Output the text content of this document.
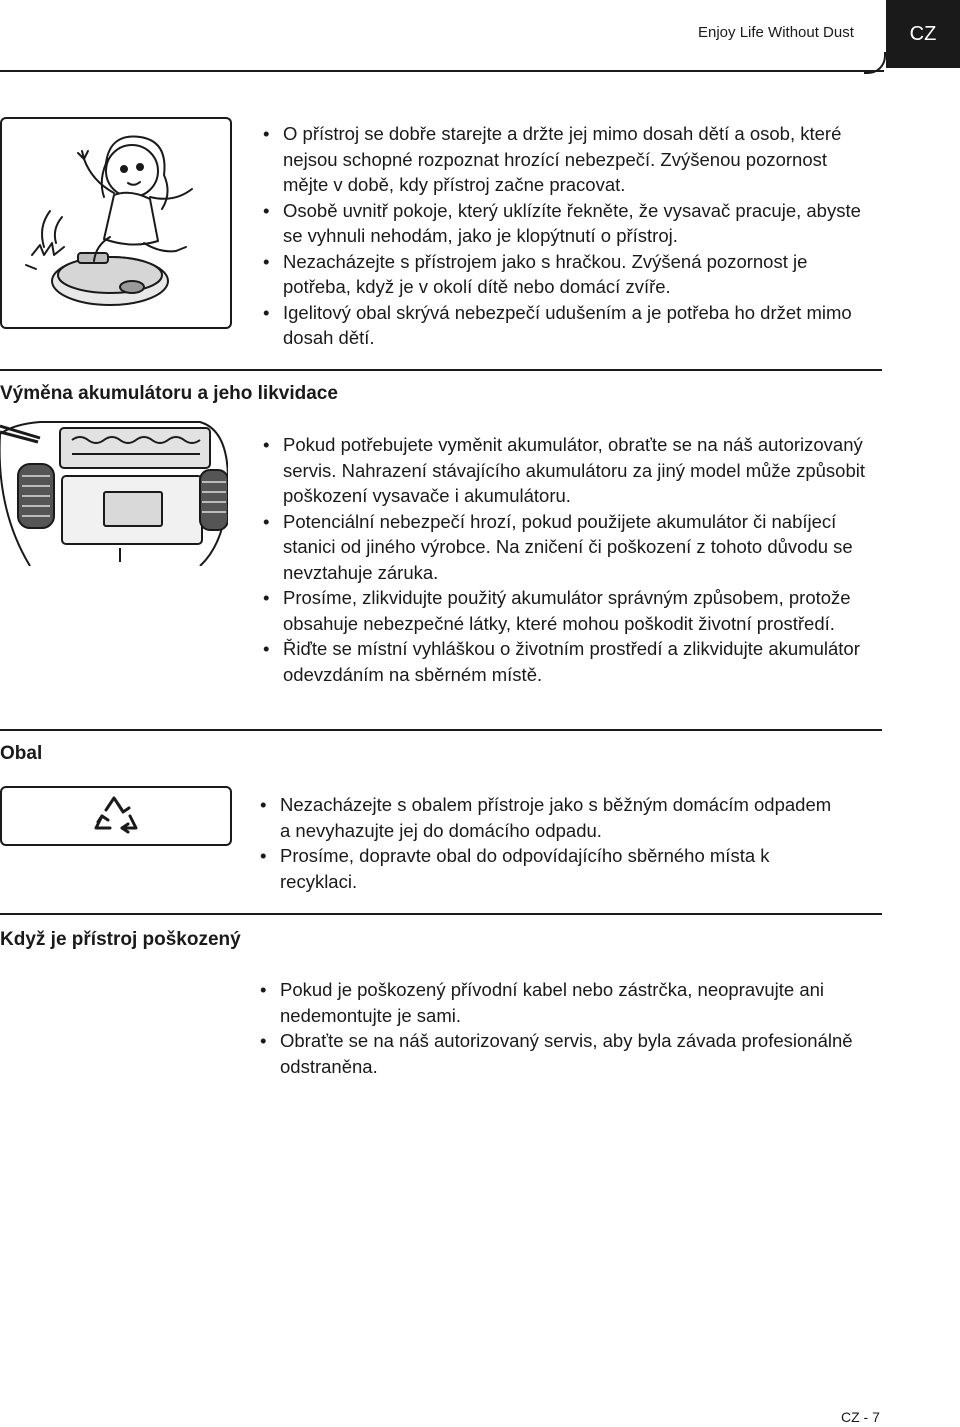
Enjoy Life Without Dust	CZ
• O přístroj se dobře starejte a držte jej mimo dosah dětí a osob, které nejsou schopné rozpoznat hrozící nebezpečí. Zvýšenou pozornost mějte v době, kdy přístroj začne pracovat.
• Osobě uvnitř pokoje, který uklízíte řekněte, že vysavač pracuje, abyste se vyhnuli nehodám, jako je klopýtnutí o přístroj.
• Nezacházejte s přístrojem jako s hračkou. Zvýšená pozornost je potřeba, když je v okolí dítě nebo domácí zvíře.
• Igelitový obal skrývá nebezpečí udušením a je potřeba ho držet mimo dosah dětí.
Výměna akumulátoru a jeho likvidace
• Pokud potřebujete vyměnit akumulátor, obraťte se na náš autorizovaný servis. Nahrazení stávajícího akumulátoru za jiný model může způsobit poškození vysavače i akumulátoru.
• Potenciální nebezpečí hrozí, pokud použijete akumulátor či nabíjecí stanici od jiného výrobce. Na zničení či poškození z tohoto důvodu se nevztahuje záruka.
• Prosíme, zlikvidujte použitý akumulátor správným způsobem, protože obsahuje nebezpečné látky, které mohou poškodit životní prostředí.
• Řiďte se místní vyhláškou o životním prostředí a zlikvidujte akumulátor odevzdáním na sběrném místě.
Obal
• Nezacházejte s obalem přístroje jako s běžným domácím odpadem a nevyhazujte jej do domácího odpadu.
• Prosíme, dopravte obal do odpovídajícího sběrného místa k recyklaci.
Když je přístroj poškozený
• Pokud je poškozený přívodní kabel nebo zástrčka, neopravujte ani nedemontujte je sami.
• Obraťte se na náš autorizovaný servis, aby byla závada profesionálně odstraněna.
CZ - 7
